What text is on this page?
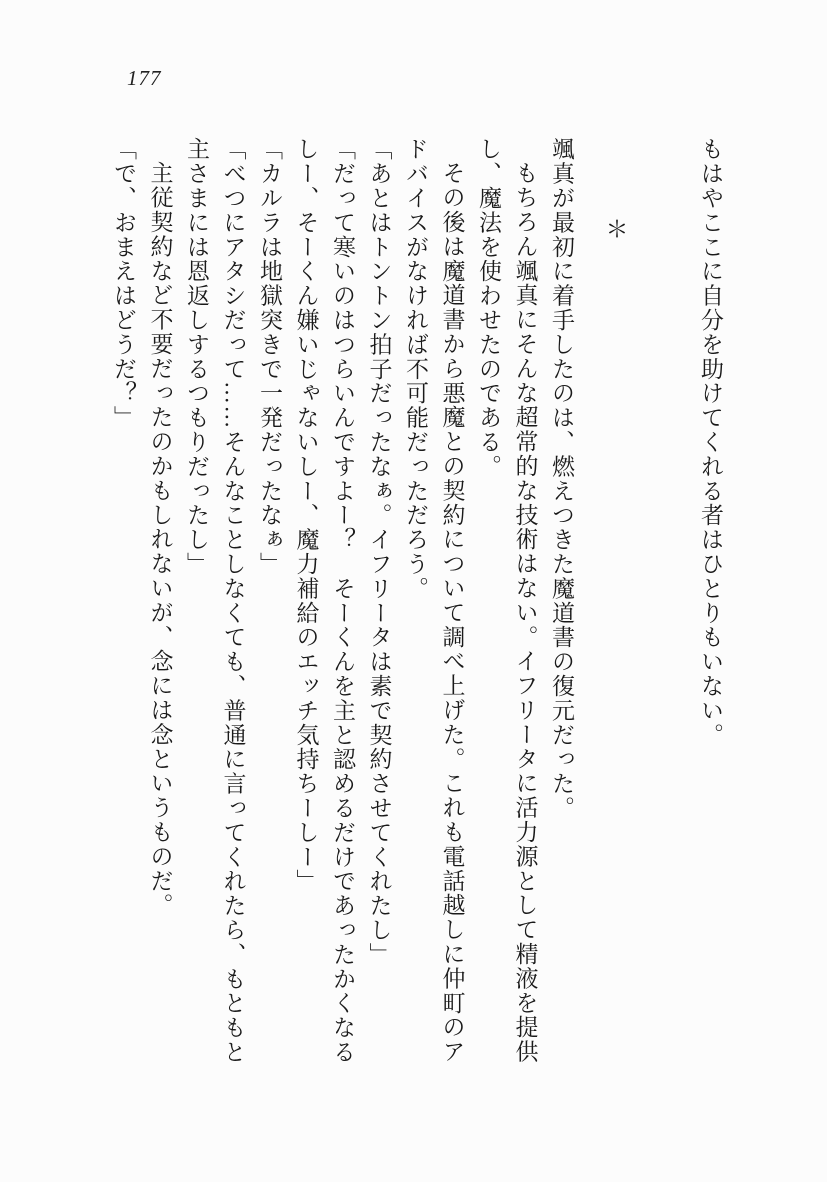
177

もはやここに自分を助けてくれる者はひとりもいない。

＊

颯真が最初に着手したのは、燃えつきた魔道書の復元だった。

もちろん颯真にそんな超常的な技術はない。イフリータに活力源として精液を提供

し、魔法を使わせたのである。

その後は魔道書から悪魔との契約について調べ上げた。これも電話越しに仲町のア

ドバイスがなければ不可能だっただろう。

「あとはトントン拍子だったなぁ。イフリータは素で契約させてくれたし」

「だって寒いのはつらいんですよー？　そーくんを主と認めるだけであったかくなる

しー、そーくん嫌いじゃないしー、魔力補給のエッチ気持ちーしー」

「カルラは地獄突きで一発だったなぁ」

「べつにアタシだって……そんなことしなくても、普通に言ってくれたら、もともと

主さまには恩返しするつもりだったし」

主従契約など不要だったのかもしれないが、念には念というものだ。

「で、おまえはどうだ？」
